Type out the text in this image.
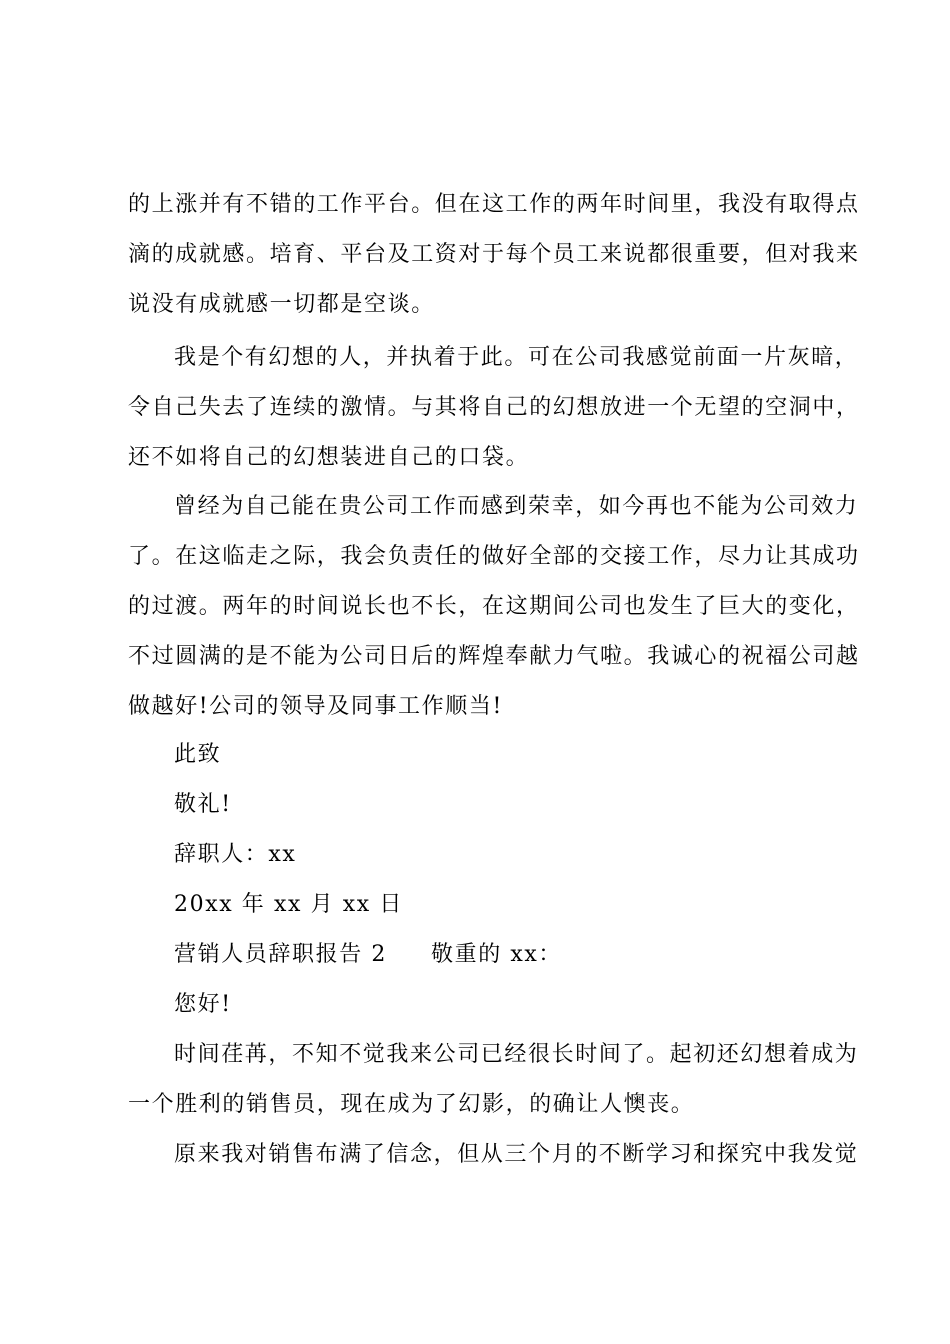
的上涨并有不错的工作平台。但在这工作的两年时间里，我没有取得点
滴的成就感。培育、平台及工资对于每个员工来说都很重要，但对我来
说没有成就感一切都是空谈。
我是个有幻想的人，并执着于此。可在公司我感觉前面一片灰暗，
令自己失去了连续的激情。与其将自己的幻想放进一个无望的空洞中，
还不如将自己的幻想装进自己的口袋。
曾经为自己能在贵公司工作而感到荣幸，如今再也不能为公司效力
了。在这临走之际，我会负责任的做好全部的交接工作，尽力让其成功
的过渡。两年的时间说长也不长，在这期间公司也发生了巨大的变化，
不过圆满的是不能为公司日后的辉煌奉献力气啦。我诚心的祝福公司越
做越好!公司的领导及同事工作顺当!
此致
敬礼!
辞职人：xx
20xx 年 xx 月 xx 日
营销人员辞职报告 2 敬重的 xx：
您好!
时间荏苒，不知不觉我来公司已经很长时间了。起初还幻想着成为
一个胜利的销售员，现在成为了幻影，的确让人懊丧。
原来我对销售布满了信念，但从三个月的不断学习和探究中我发觉
